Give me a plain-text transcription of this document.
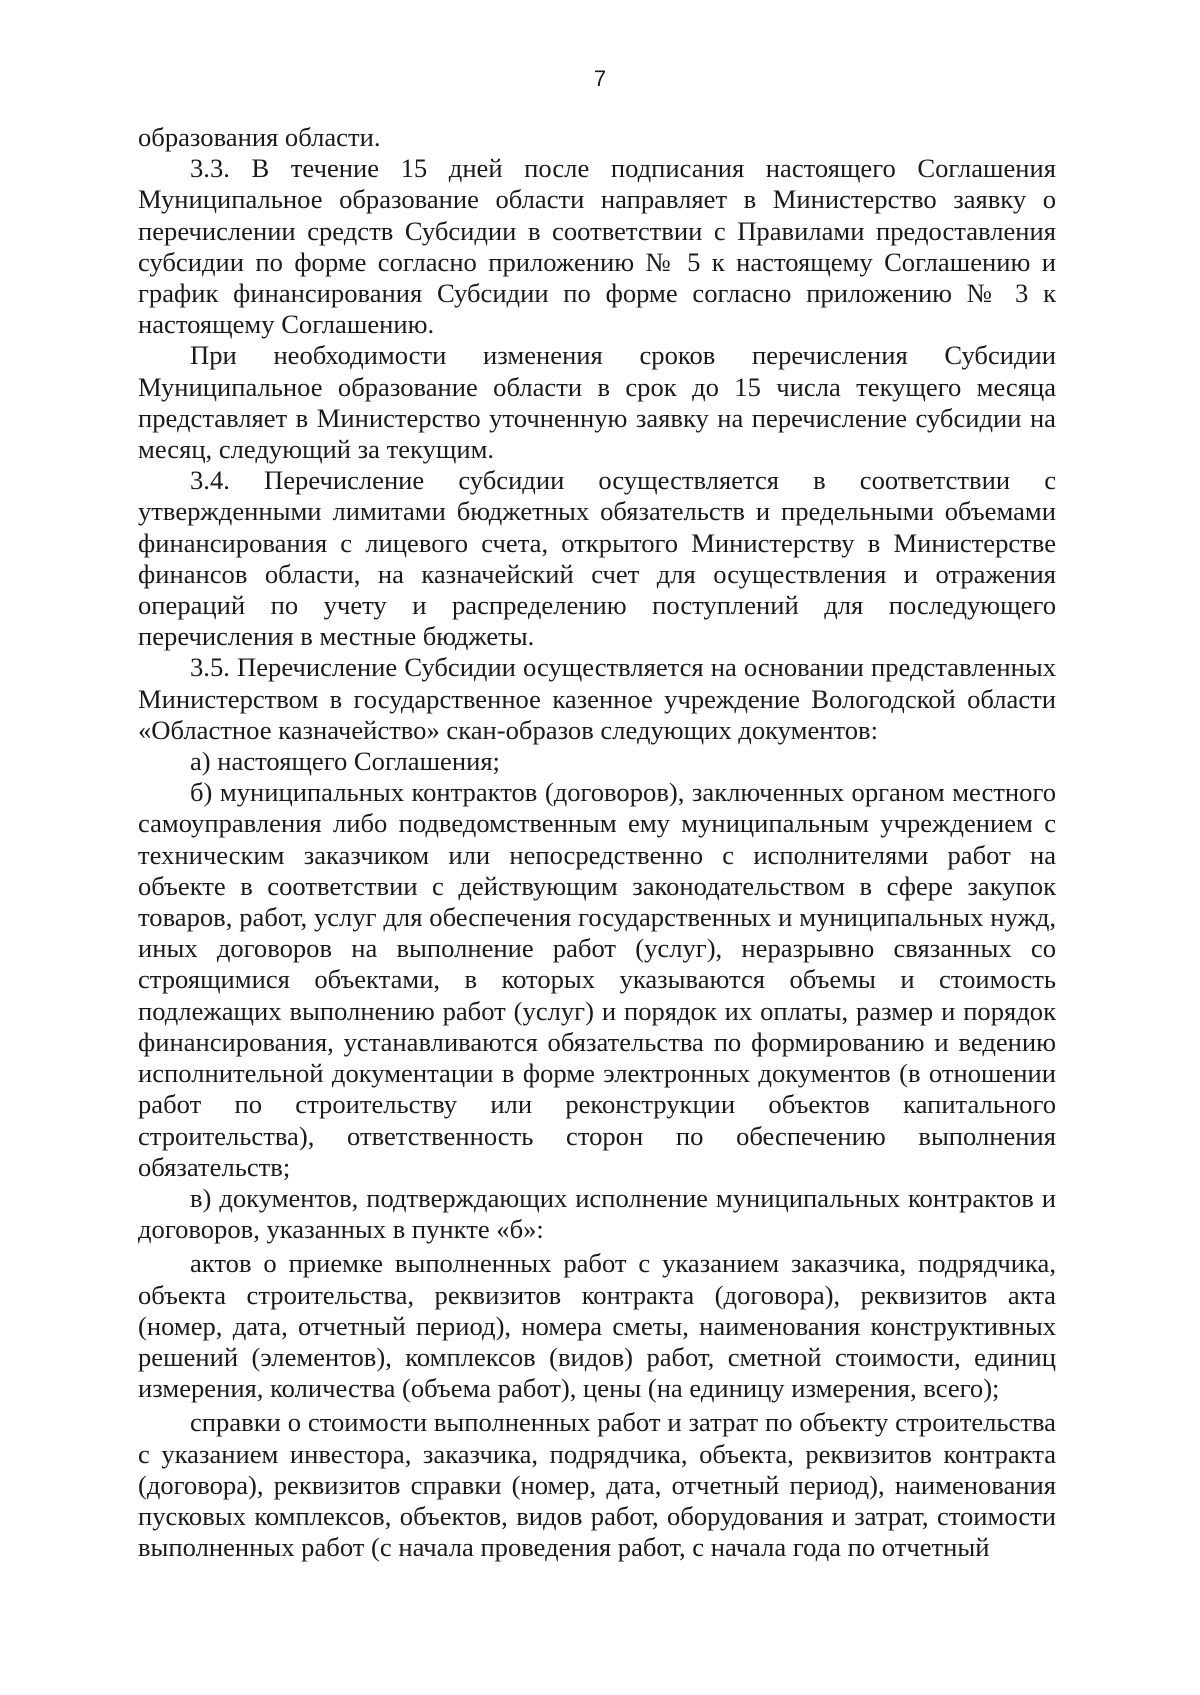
7

образования области.

3.3. В течение 15 дней после подписания настоящего Соглашения Муниципальное образование области направляет в Министерство заявку о перечислении средств Субсидии в соответствии с Правилами предоставления субсидии по форме согласно приложению № 5 к настоящему Соглашению и график финансирования Субсидии по форме согласно приложению № 3 к настоящему Соглашению.

При необходимости изменения сроков перечисления Субсидии Муниципальное образование области в срок до 15 числа текущего месяца представляет в Министерство уточненную заявку на перечисление субсидии на месяц, следующий за текущим.

3.4. Перечисление субсидии осуществляется в соответствии с утвержденными лимитами бюджетных обязательств и предельными объемами финансирования с лицевого счета, открытого Министерству в Министерстве финансов области, на казначейский счет для осуществления и отражения операций по учету и распределению поступлений для последующего перечисления в местные бюджеты.

3.5. Перечисление Субсидии осуществляется на основании представленных Министерством в государственное казенное учреждение Вологодской области «Областное казначейство» скан-образов следующих документов:

а) настоящего Соглашения;

б) муниципальных контрактов (договоров), заключенных органом местного самоуправления либо подведомственным ему муниципальным учреждением с техническим заказчиком или непосредственно с исполнителями работ на объекте в соответствии с действующим законодательством в сфере закупок товаров, работ, услуг для обеспечения государственных и муниципальных нужд, иных договоров на выполнение работ (услуг), неразрывно связанных со строящимися объектами, в которых указываются объемы и стоимость подлежащих выполнению работ (услуг) и порядок их оплаты, размер и порядок финансирования, устанавливаются обязательства по формированию и ведению исполнительной документации в форме электронных документов (в отношении работ по строительству или реконструкции объектов капитального строительства), ответственность сторон по обеспечению выполнения обязательств;

в) документов, подтверждающих исполнение муниципальных контрактов и договоров, указанных в пункте «б»:

актов о приемке выполненных работ с указанием заказчика, подрядчика, объекта строительства, реквизитов контракта (договора), реквизитов акта (номер, дата, отчетный период), номера сметы, наименования конструктивных решений (элементов), комплексов (видов) работ, сметной стоимости, единиц измерения, количества (объема работ), цены (на единицу измерения, всего);

справки о стоимости выполненных работ и затрат по объекту строительства с указанием инвестора, заказчика, подрядчика, объекта, реквизитов контракта (договора), реквизитов справки (номер, дата, отчетный период), наименования пусковых комплексов, объектов, видов работ, оборудования и затрат, стоимости выполненных работ (с начала проведения работ, с начала года по отчетный
